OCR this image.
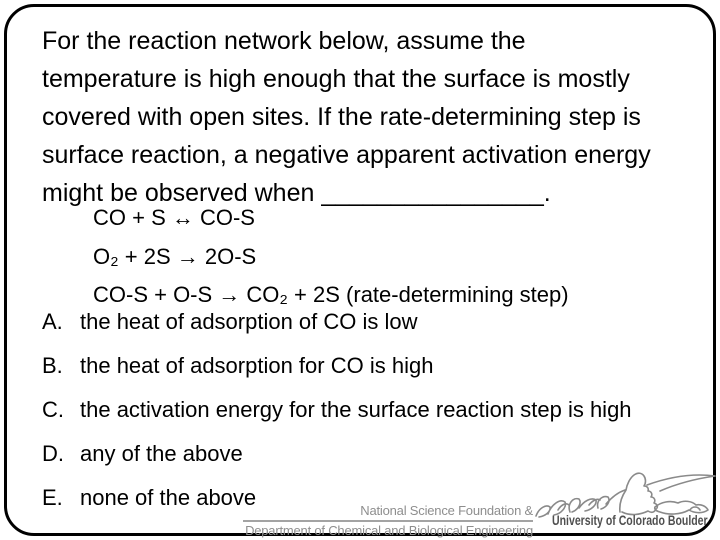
For the reaction network below, assume the
temperature is high enough that the surface is mostly
covered with open sites. If the rate-determining step is
surface reaction, a negative apparent activation energy
might be observed when ________________.
CO + S ↔ CO-S
O₂ + 2S → 2O-S
CO-S + O-S → CO₂ + 2S (rate-determining step)
A. the heat of adsorption of CO is low
B. the heat of adsorption for CO is high
C. the activation energy for the surface reaction step is high
D. any of the above
E. none of the above
National Science Foundation &
Department of Chemical and Biological Engineering
University of Colorado Boulder
